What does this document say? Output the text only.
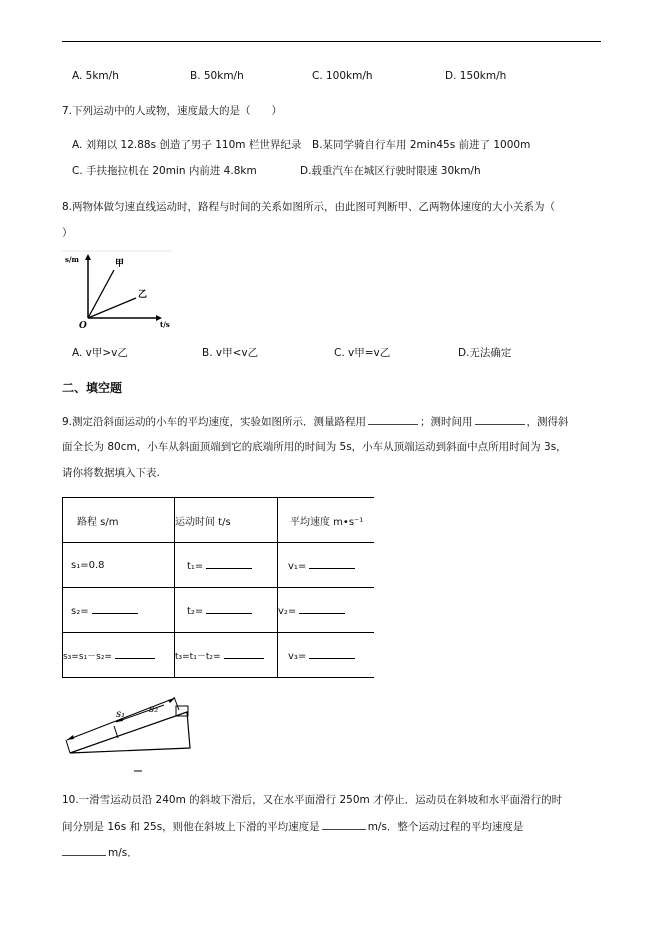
A. 5km/h	B. 50km/h	C. 100km/h	D. 150km/h
7.下列运动中的人或物，速度最大的是（　　）
A. 刘翔以 12.88s 创造了男子 110m 栏世界纪录 B.某同学骑自行车用 2min45s 前进了 1000m
C. 手扶拖拉机在 20min 内前进 4.8km	D.载重汽车在城区行驶时限速 30km/h
8.两物体做匀速直线运动时，路程与时间的关系如图所示，由此图可判断甲、乙两物体速度的大小关系为（
）
s/m	甲
乙
O	t/s
A. v甲>v乙	B. v甲<v乙	C. v甲=v乙	D.无法确定
二、填空题
9.测定沿斜面运动的小车的平均速度，实验如图所示．测量路程用	；测时间用	，测得斜
面全长为 80cm，小车从斜面顶端到它的底端所用的时间为 5s，小车从顶端运动到斜面中点所用时间为 3s，
请你将数据填入下表.
路程 s/m	运动时间 t/s	平均速度 m•s⁻¹
s₁=0.8	t₁=	v₁=
s₂=	t₂=	v₂=
s₃=s₁－s₂=	t₃=t₁－t₂=	v₃=
s₁ s₂
10.一滑雪运动员沿 240m 的斜坡下滑后，又在水平面滑行 250m 才停止．运动员在斜坡和水平面滑行的时
间分别是 16s 和 25s，则他在斜坡上下滑的平均速度是	m/s．整个运动过程的平均速度是
m/s．
